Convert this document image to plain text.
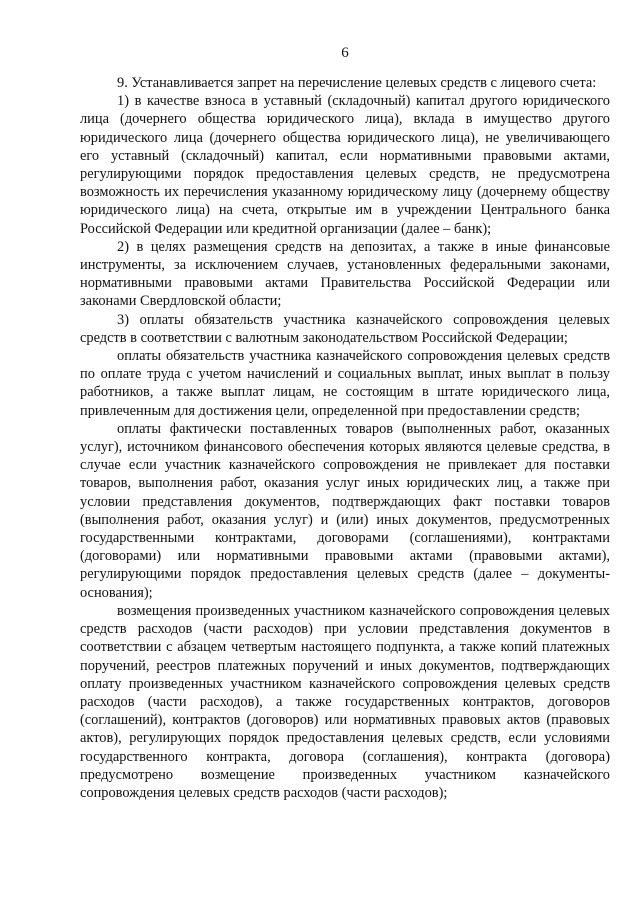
6

9. Устанавливается запрет на перечисление целевых средств с лицевого счета:

1) в качестве взноса в уставный (складочный) капитал другого юридического лица (дочернего общества юридического лица), вклада в имущество другого юридического лица (дочернего общества юридического лица), не увеличивающего его уставный (складочный) капитал, если нормативными правовыми актами, регулирующими порядок предоставления целевых средств, не предусмотрена возможность их перечисления указанному юридическому лицу (дочернему обществу юридического лица) на счета, открытые им в учреждении Центрального банка Российской Федерации или кредитной организации (далее – банк);

2) в целях размещения средств на депозитах, а также в иные финансовые инструменты, за исключением случаев, установленных федеральными законами, нормативными правовыми актами Правительства Российской Федерации или законами Свердловской области;

3) оплаты обязательств участника казначейского сопровождения целевых средств в соответствии с валютным законодательством Российской Федерации;

оплаты обязательств участника казначейского сопровождения целевых средств по оплате труда с учетом начислений и социальных выплат, иных выплат в пользу работников, а также выплат лицам, не состоящим в штате юридического лица, привлеченным для достижения цели, определенной при предоставлении средств;

оплаты фактически поставленных товаров (выполненных работ, оказанных услуг), источником финансового обеспечения которых являются целевые средства, в случае если участник казначейского сопровождения не привлекает для поставки товаров, выполнения работ, оказания услуг иных юридических лиц, а также при условии представления документов, подтверждающих факт поставки товаров (выполнения работ, оказания услуг) и (или) иных документов, предусмотренных государственными контрактами, договорами (соглашениями), контрактами (договорами) или нормативными правовыми актами (правовыми актами), регулирующими порядок предоставления целевых средств (далее – документы-основания);

возмещения произведенных участником казначейского сопровождения целевых средств расходов (части расходов) при условии представления документов в соответствии с абзацем четвертым настоящего подпункта, а также копий платежных поручений, реестров платежных поручений и иных документов, подтверждающих оплату произведенных участником казначейского сопровождения целевых средств расходов (части расходов), а также государственных контрактов, договоров (соглашений), контрактов (договоров) или нормативных правовых актов (правовых актов), регулирующих порядок предоставления целевых средств, если условиями государственного контракта, договора (соглашения), контракта (договора) предусмотрено возмещение произведенных участником казначейского сопровождения целевых средств расходов (части расходов);
